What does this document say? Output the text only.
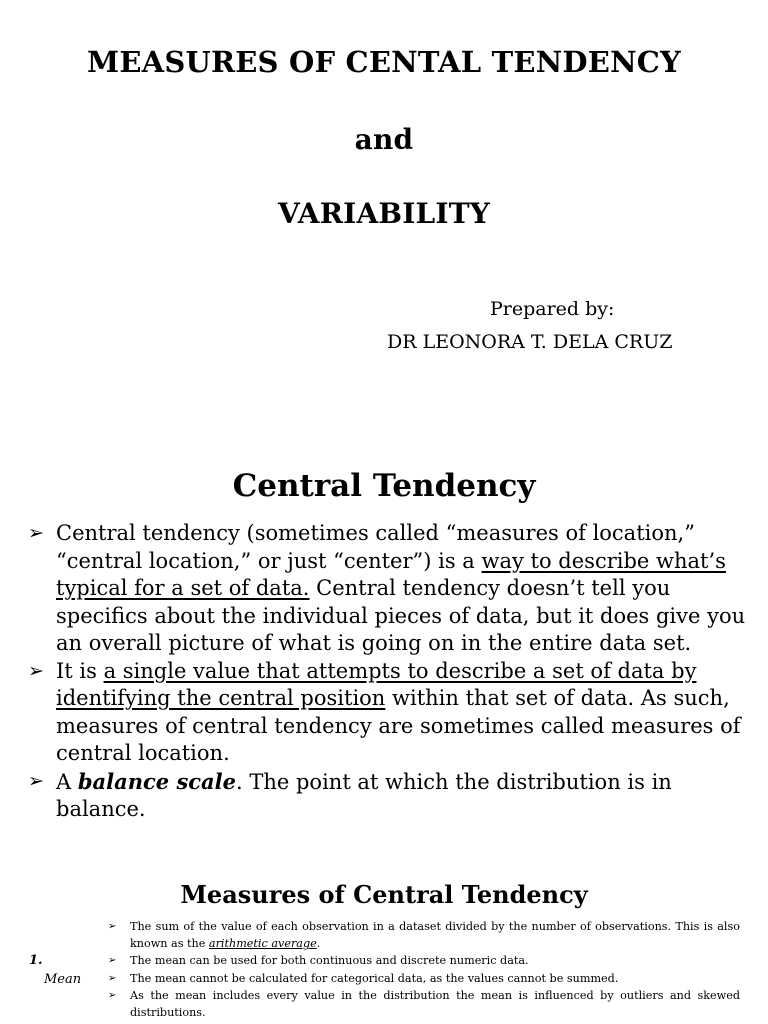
MEASURES OF CENTAL TENDENCY
and
VARIABILITY
Prepared by:
DR LEONORA T. DELA CRUZ
Central Tendency
➢ Central tendency (sometimes called “measures of location,” “central location,” or just “center”) is a way to describe what’s typical for a set of data. Central tendency doesn’t tell you specifics about the individual pieces of data, but it does give you an overall picture of what is going on in the entire data set.
➢ It is a single value that attempts to describe a set of data by identifying the central position within that set of data. As such, measures of central tendency are sometimes called measures of central location.
➢ A balance scale. The point at which the distribution is in balance.
Measures of Central Tendency
1.
Mean
➢ The sum of the value of each observation in a dataset divided by the number of observations. This is also known as the arithmetic average.
➢ The mean can be used for both continuous and discrete numeric data.
➢ The mean cannot be calculated for categorical data, as the values cannot be summed.
➢ As the mean includes every value in the distribution the mean is influenced by outliers and skewed distributions.
